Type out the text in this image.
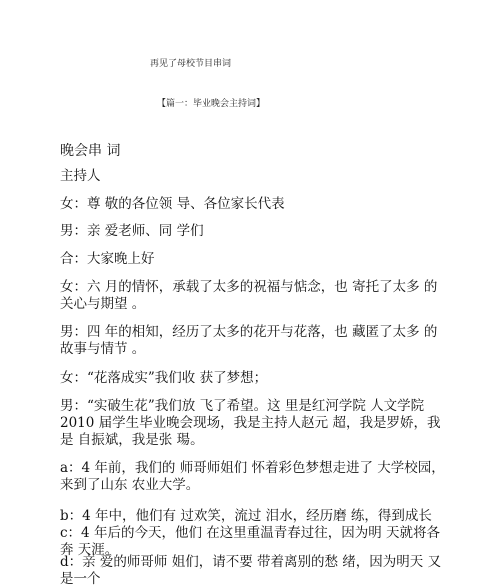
再见了母校节目串词
【篇一：毕业晚会主持词】
晚会串 词
主持人
女：尊 敬的各位领 导、各位家长代表
男：亲 爱老师、同 学们
合：大家晚上好
女：六 月的情怀，承载了太多的祝福与惦念，也 寄托了太多 的关心与期望 。
男：四 年的相知，经历了太多的花开与花落，也 藏匿了太多 的故事与情节 。
女：“花落成实”我们收 获了梦想；
男：“实破生花”我们放 飞了希望。这 里是红河学院 人文学院 2010 届学生毕业晚会现场，我是主持人赵元 超，我是罗娇，我是 自振斌，我是张 瑒。
a：4 年前，我们的 师哥师姐们 怀着彩色梦想走进了 大学校园，来到了山东 农业大学。
b：4 年中，他们有 过欢笑，流过 泪水，经历磨 练，得到成长 c：4 年后的今天，他们 在这里重温青春过往，因为明 天就将各奔 天涯。
d：亲 爱的师哥师 姐们，请不要 带着离别的愁 绪，因为明天 又是一个
